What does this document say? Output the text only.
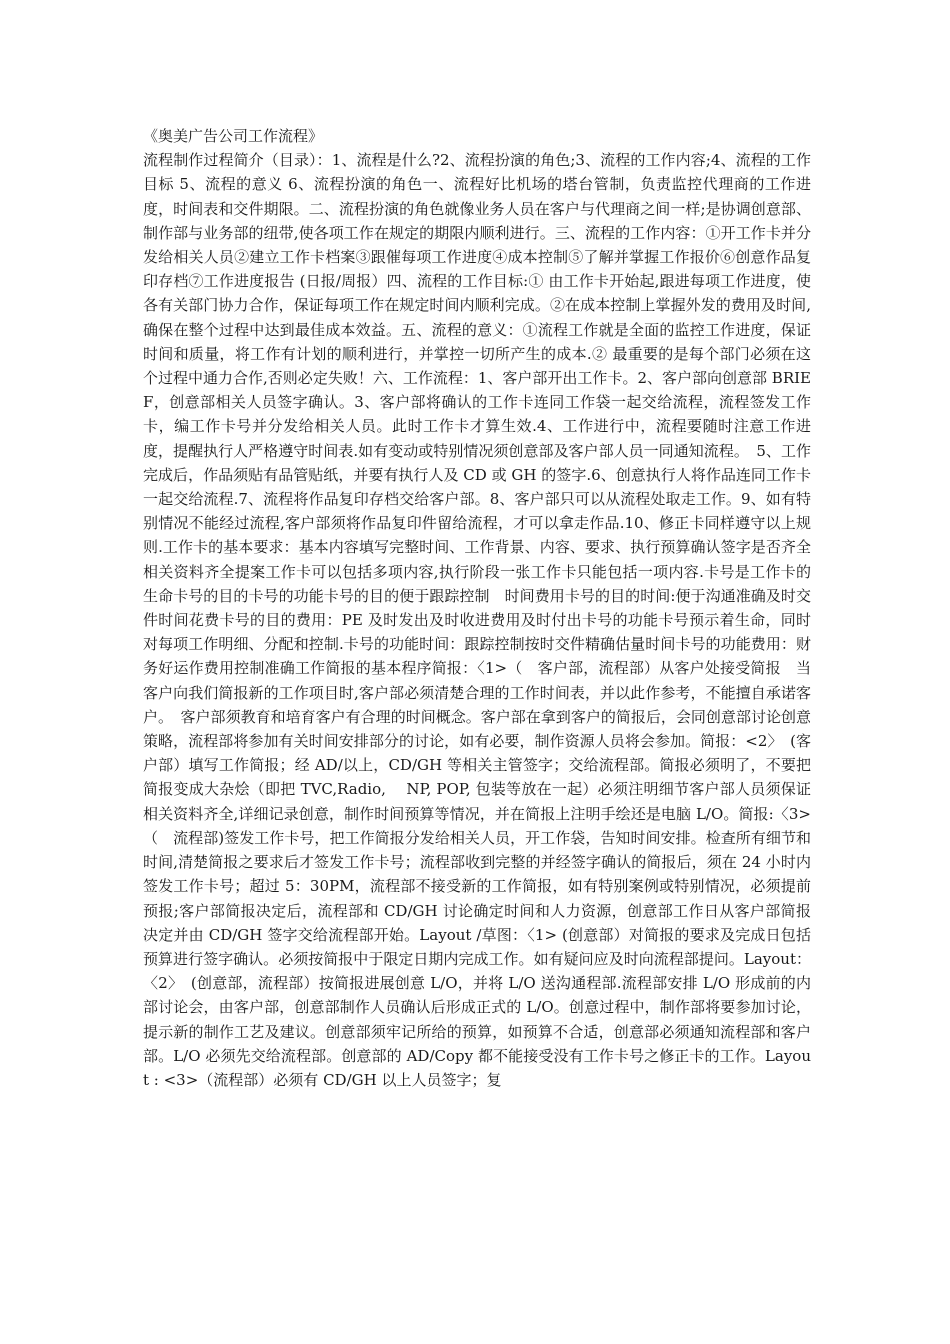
《奥美广告公司工作流程》

流程制作过程简介（目录）：1、流程是什么?2、流程扮演的角色;3、流程的工作内容;4、流程的工作目标 5、流程的意义 6、流程扮演的角色一、流程好比机场的塔台管制，负责监控代理商的工作进度，时间表和交件期限。二、流程扮演的角色就像业务人员在客户与代理商之间一样;是协调创意部、制作部与业务部的纽带,使各项工作在规定的期限内顺利进行。三、流程的工作内容：①开工作卡并分发给相关人员②建立工作卡档案③跟催每项工作进度④成本控制⑤了解并掌握工作报价⑥创意作品复印存档⑦工作进度报告 (日报/周报）四、流程的工作目标:① 由工作卡开始起,跟进每项工作进度，使各有关部门协力合作，保证每项工作在规定时间内顺利完成。②在成本控制上掌握外发的费用及时间,确保在整个过程中达到最佳成本效益。五、流程的意义：①流程工作就是全面的监控工作进度，保证时间和质量，将工作有计划的顺利进行，并掌控一切所产生的成本.② 最重要的是每个部门必须在这个过程中通力合作,否则必定失败！六、工作流程：1、客户部开出工作卡。2、客户部向创意部 BRIEF，创意部相关人员签字确认。3、客户部将确认的工作卡连同工作袋一起交给流程，流程签发工作卡，编工作卡号并分发给相关人员。此时工作卡才算生效.4、工作进行中，流程要随时注意工作进度，提醒执行人严格遵守时间表.如有变动或特别情况须创意部及客户部人员一同通知流程。　5、工作完成后，作品须贴有品管贴纸，并要有执行人及 CD 或 GH 的签字.6、创意执行人将作品连同工作卡一起交给流程.7、流程将作品复印存档交给客户部。8、客户部只可以从流程处取走工作。9、如有特别情况不能经过流程,客户部须将作品复印件留给流程，才可以拿走作品.10、修正卡同样遵守以上规则.工作卡的基本要求：基本内容填写完整时间、工作背景、内容、要求、执行预算确认签字是否齐全相关资料齐全提案工作卡可以包括多项内容,执行阶段一张工作卡只能包括一项内容.卡号是工作卡的生命卡号的目的卡号的功能卡号的目的便于跟踪控制　时间费用卡号的目的时间:便于沟通准确及时交件时间花费卡号的目的费用：PE 及时发出及时收进费用及时付出卡号的功能卡号预示着生命，同时对每项工作明细、分配和控制.卡号的功能时间：跟踪控制按时交件精确估量时间卡号的功能费用：财务好运作费用控制准确工作简报的基本程序简报：〈1>（　客户部，流程部）从客户处接受简报　当客户向我们简报新的工作项目时,客户部必须清楚合理的工作时间表，并以此作参考，不能擅自承诺客户。　客户部须教育和培育客户有合理的时间概念。客户部在拿到客户的简报后，会同创意部讨论创意策略，流程部将参加有关时间安排部分的讨论，如有必要，制作资源人员将会参加。简报：<2〉　(客户部）填写工作简报；经 AD/以上，CD/GH 等相关主管签字；交给流程部。简报必须明了，不要把简报变成大杂烩（即把 TVC,Radio,　 NP, POP, 包装等放在一起）必须注明细节客户部人员须保证相关资料齐全,详细记录创意，制作时间预算等情况，并在简报上注明手绘还是电脑 L/O。简报:〈3>（　流程部)签发工作卡号，把工作简报分发给相关人员，开工作袋，告知时间安排。检查所有细节和时间,清楚简报之要求后才签发工作卡号；流程部收到完整的并经签字确认的简报后，须在 24 小时内签发工作卡号；超过 5：30PM，流程部不接受新的工作简报，如有特别案例或特别情况，必须提前预报;客户部简报决定后，流程部和 CD/GH 讨论确定时间和人力资源，创意部工作日从客户部简报决定并由 CD/GH 签字交给流程部开始。Layout /草图：〈1> (创意部）对简报的要求及完成日包括预算进行签字确认。必须按简报中于限定日期内完成工作。如有疑问应及时向流程部提问。Layout：〈2〉　(创意部，流程部）按简报进展创意 L/O，并将 L/O 送沟通程部.流程部安排 L/O 形成前的内部讨论会，由客户部，创意部制作人员确认后形成正式的 L/O。创意过程中，制作部将要参加讨论，提示新的制作工艺及建议。创意部须牢记所给的预算，如预算不合适，创意部必须通知流程部和客户部。L/O 必须先交给流程部。创意部的 AD/Copy 都不能接受没有工作卡号之修正卡的工作。Layout : <3>（流程部）必须有 CD/GH 以上人员签字；复
